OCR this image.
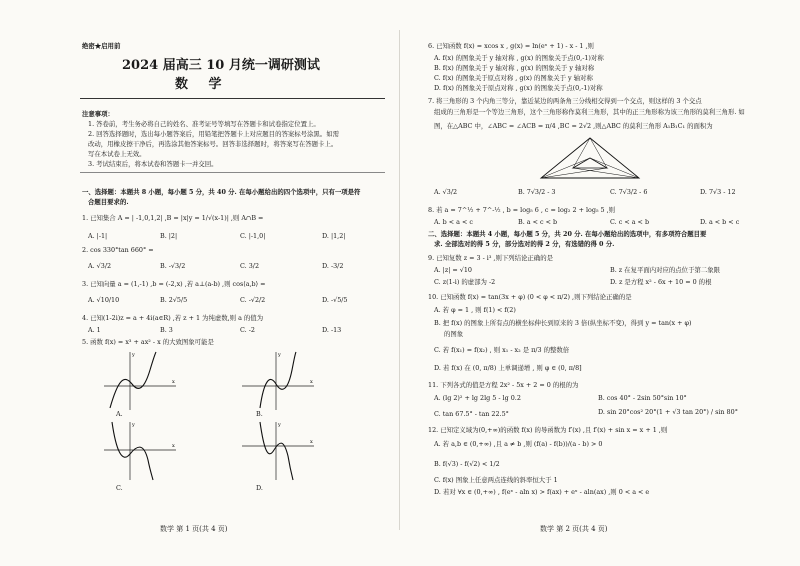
绝密★启用前
2024 届高三 10 月统一调研测试
数 学
注意事项：
1. 答卷前，考生务必将自己的姓名、准考证号等填写在答题卡和试卷指定位置上。
2. 回答选择题时，选出每小题答案后，用铅笔把答题卡上对应题目的答案标号涂黑。如需
改动，用橡皮擦干净后，再选涂其他答案标号。回答非选择题时，将答案写在答题卡上。
写在本试卷上无效。
3. 考试结束后，将本试卷和答题卡一并交回。
一、选择题：本题共 8 小题，每小题 5 分，共 40 分. 在每小题给出的四个选项中，只有一项是符
合题目要求的.
1. 已知集合 A = | -1,0,1,2| ,B = |x|y = 1/√(x-1)| ,则 A∩B =
A. |-1|	B. |2|	C. |-1,0|	D. |1,2|
2. cos 330°tan 660° =
A. √3/2	B. -√3/2	C. 3/2	D. -3/2
3. 已知向量 a = (1,-1) ,b = (-2,x) ,若 a⊥(a-b) ,则 cos⟨a,b⟩ =
A. √10/10	B. 2√5/5	C. -√2/2	D. -√5/5
4. 已知(1-2i)z = a + 4i(a∈R) ,若 z + 1 为纯虚数,则 a 的值为
A. 1	B. 3	C. -2	D. -13
5. 函数 f(x) = x³ + ax² - x 的大致图象可能是
x
y
A.
x
y
B.
x
y
C.
x
y
D.
数学 第 1 页(共 4 页)
6. 已知函数 f(x) = xcos x , g(x) = ln(eˣ + 1) - x - 1 ,则
A. f(x) 的图象关于 y 轴对称 , g(x) 的图象关于点(0,-1)对称
B. f(x) 的图象关于 y 轴对称 , g(x) 的图象关于 y 轴对称
C. f(x) 的图象关于原点对称 , g(x) 的图象关于 y 轴对称
D. f(x) 的图象关于原点对称 , g(x) 的图象关于点(0,-1)对称
7. 将三角形的 3 个内角三等分，靠近某边的两条角三分线相交得到一个交点，则这样的 3 个交点
组成的三角形是一个等边三角形，这个三角形称作莫利三角形，其中的正三角形称为该三角形的莫利三角形. 如
图，在△ABC 中，∠ABC = ∠ACB = π/4 ,BC = 2√2 ,则△ABC 的莫利三角形 A₁B₁C₁ 的面积为
A. √3/2	B. 7√3/2 - 3	C. 7√3/2 - 6	D. 7√3 - 12
8. 若 a = 7^½ + 7^-½ , b = log₅ 6 , c = log₂ 2 + log₅ 5 ,则
A. b < a < c	B. a < c < b	C. c < a < b	D. a < b < c
二、选择题：本题共 4 小题，每小题 5 分，共 20 分. 在每小题给出的选项中，有多项符合题目要
求. 全部选对的得 5 分，部分选对的得 2 分，有选错的得 0 分.
9. 已知复数 z = 3 - i³ ,则下列结论正确的是
A. |z| = √10	B. z 在复平面内对应的点位于第二象限
C. z(1-i) 的虚部为 -2	D. z 是方程 x² - 6x + 10 = 0 的根
10. 已知函数 f(x) = tan(3x + φ) (0 < φ < π/2) ,则下列结论正确的是
A. 若 φ = 1 , 则 f(1) < f(2)
B. 把 f(x) 的图象上所有点的横坐标伸长到原来的 3 倍(纵坐标不变)，得到 y = tan(x + φ)
的图象
C. 若 f(x₁) = f(x₂) , 则 x₁ - x₂ 是 π/3 的整数倍
D. 若 f(x) 在 (0, π/8) 上单调递增 , 则 φ ∈ (0, π/8]
11. 下列各式的值是方程 2x² - 5x + 2 = 0 的根的为
A. (lg 2)² + lg 2lg 5 - lg 0.2	B. cos 40° - 2sin 50°sin 10°
C. tan 67.5° - tan 22.5°	D. sin 20°cos² 20°(1 + √3 tan 20°) / sin 80°
12. 已知定义域为(0,+∞)的函数 f(x) 的导函数为 f′(x) ,且 f′(x) + sin x = x + 1 ,则
A. 若 a,b ∈ (0,+∞) ,且 a ≠ b ,则 (f(a) - f(b))/(a - b) > 0
B. f(√3) - f(√2) < 1/2
C. f(x) 图象上任意两点连线的斜率恒大于 1
D. 若对 ∀x ∈ (0,+∞) , f(eˣ - aln x) > f(ax) + eˣ - aln(ax) ,则 0 < a < e
数学 第 2 页(共 4 页)
